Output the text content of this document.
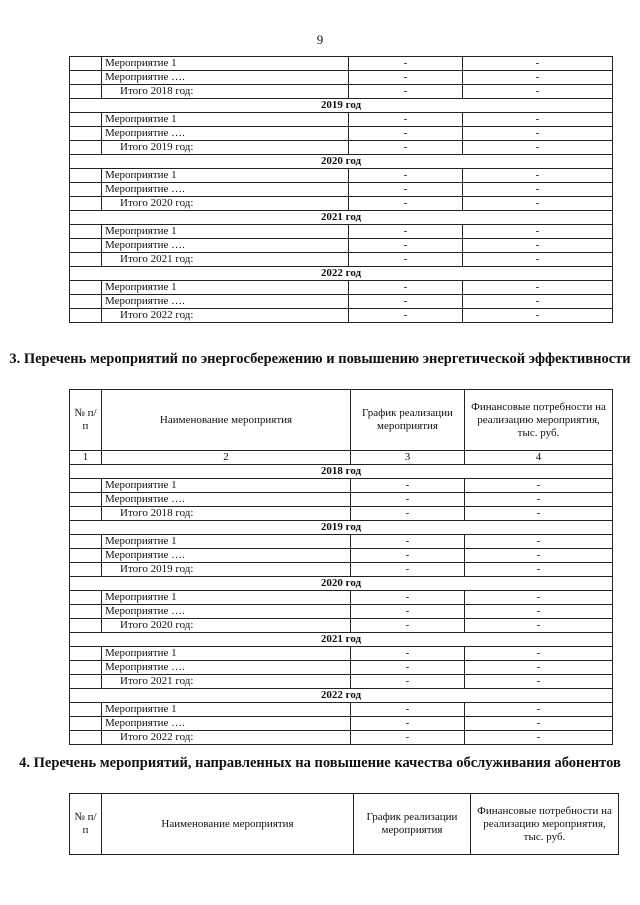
9
	Мероприятие 1	-	-
	Мероприятие ….	-	-
	Итого 2018 год:	-	-
2019 год			
	Мероприятие 1	-	-
	Мероприятие ….	-	-
	Итого 2019 год:	-	-
2020 год			
	Мероприятие 1	-	-
	Мероприятие ….	-	-
	Итого 2020 год:	-	-
2021 год			
	Мероприятие 1	-	-
	Мероприятие ….	-	-
	Итого 2021 год:	-	-
2022 год			
	Мероприятие 1	-	-
	Мероприятие ….	-	-
	Итого 2022 год:	-	-
3. Перечень мероприятий по энергосбережению и повышению энергетической эффективности
№ п/п	Наименование мероприятия	График реализации мероприятия	Финансовые потребности на реализацию мероприятия, тыс. руб.
1	2	3	4
2018 год			
	Мероприятие 1	-	-
	Мероприятие ….	-	-
	Итого 2018 год:	-	-
2019 год			
	Мероприятие 1	-	-
	Мероприятие ….	-	-
	Итого 2019 год:	-	-
2020 год			
	Мероприятие 1	-	-
	Мероприятие ….	-	-
	Итого 2020 год:	-	-
2021 год			
	Мероприятие 1	-	-
	Мероприятие ….	-	-
	Итого 2021 год:	-	-
2022 год			
	Мероприятие 1	-	-
	Мероприятие ….	-	-
	Итого 2022 год:	-	-
4. Перечень мероприятий, направленных на повышение качества обслуживания абонентов
№ п/п	Наименование мероприятия	График реализации мероприятия	Финансовые потребности на реализацию мероприятия, тыс. руб.
